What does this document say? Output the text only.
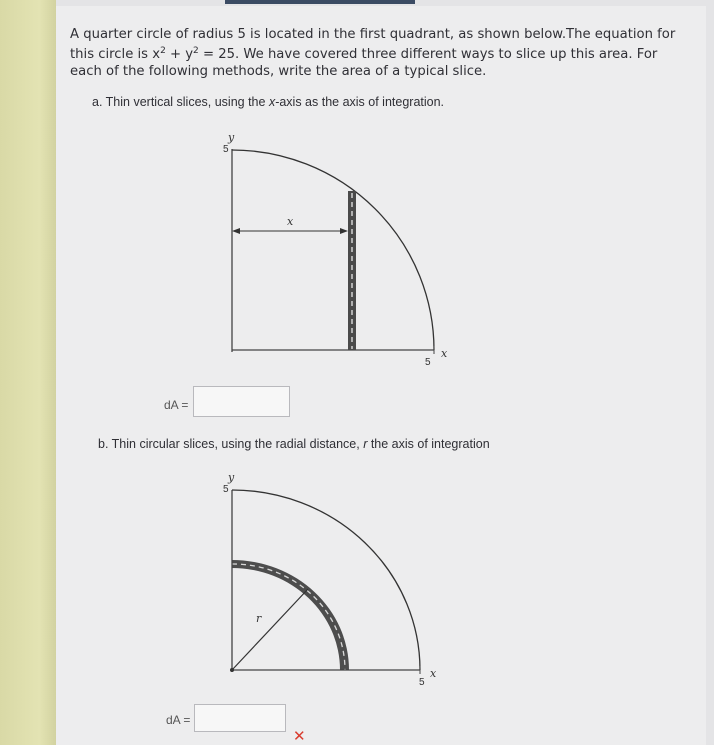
A quarter circle of radius 5 is located in the first quadrant, as shown below.The equation for
this circle is $x^2 + y^2 = 25$. We have covered three different ways to slice up this area. For
each of the following methods, write the area of a typical slice.
a. Thin vertical slices, using the x-axis as the axis of integration.
x
y
5
5
x
dA =
b. Thin circular slices, using the radial distance, r the axis of integration
r
y
5
5
x
dA =
✕
